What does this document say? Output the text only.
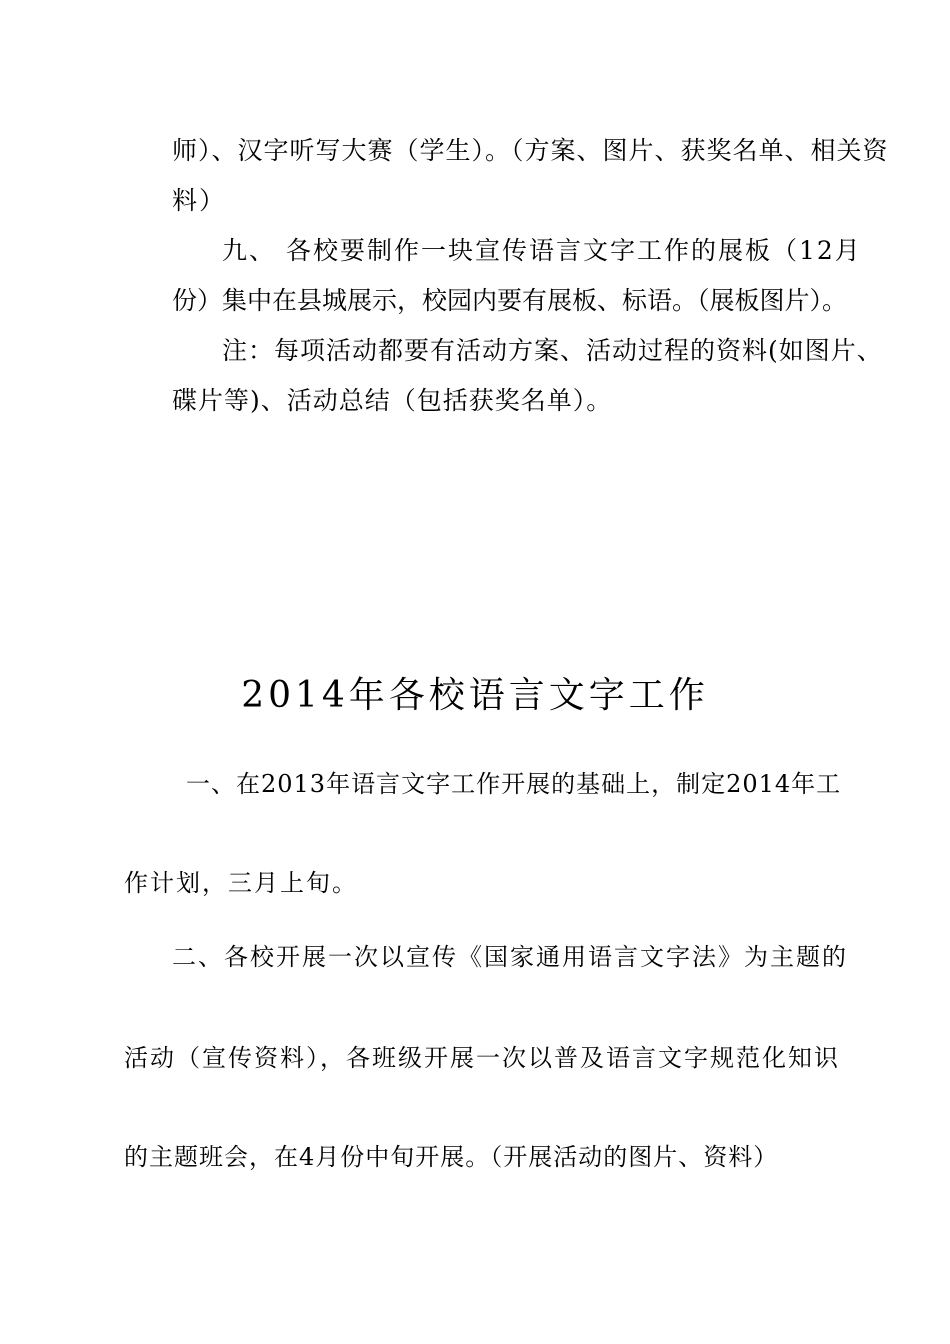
师）、汉字听写大赛（学生）。（方案、图片、获奖名单、相关资
料）
九、 各校要制作一块宣传语言文字工作的展板（12月
份）集中在县城展示，校园内要有展板、标语。（展板图片）。
注：每项活动都要有活动方案、活动过程的资料(如图片、
碟片等)、活动总结（包括获奖名单）。
2014年各校语言文字工作
一、在2013年语言文字工作开展的基础上，制定2014年工
作计划，三月上旬。
二、各校开展一次以宣传《国家通用语言文字法》为主题的
活动（宣传资料），各班级开展一次以普及语言文字规范化知识
的主题班会，在4月份中旬开展。（开展活动的图片、资料）
